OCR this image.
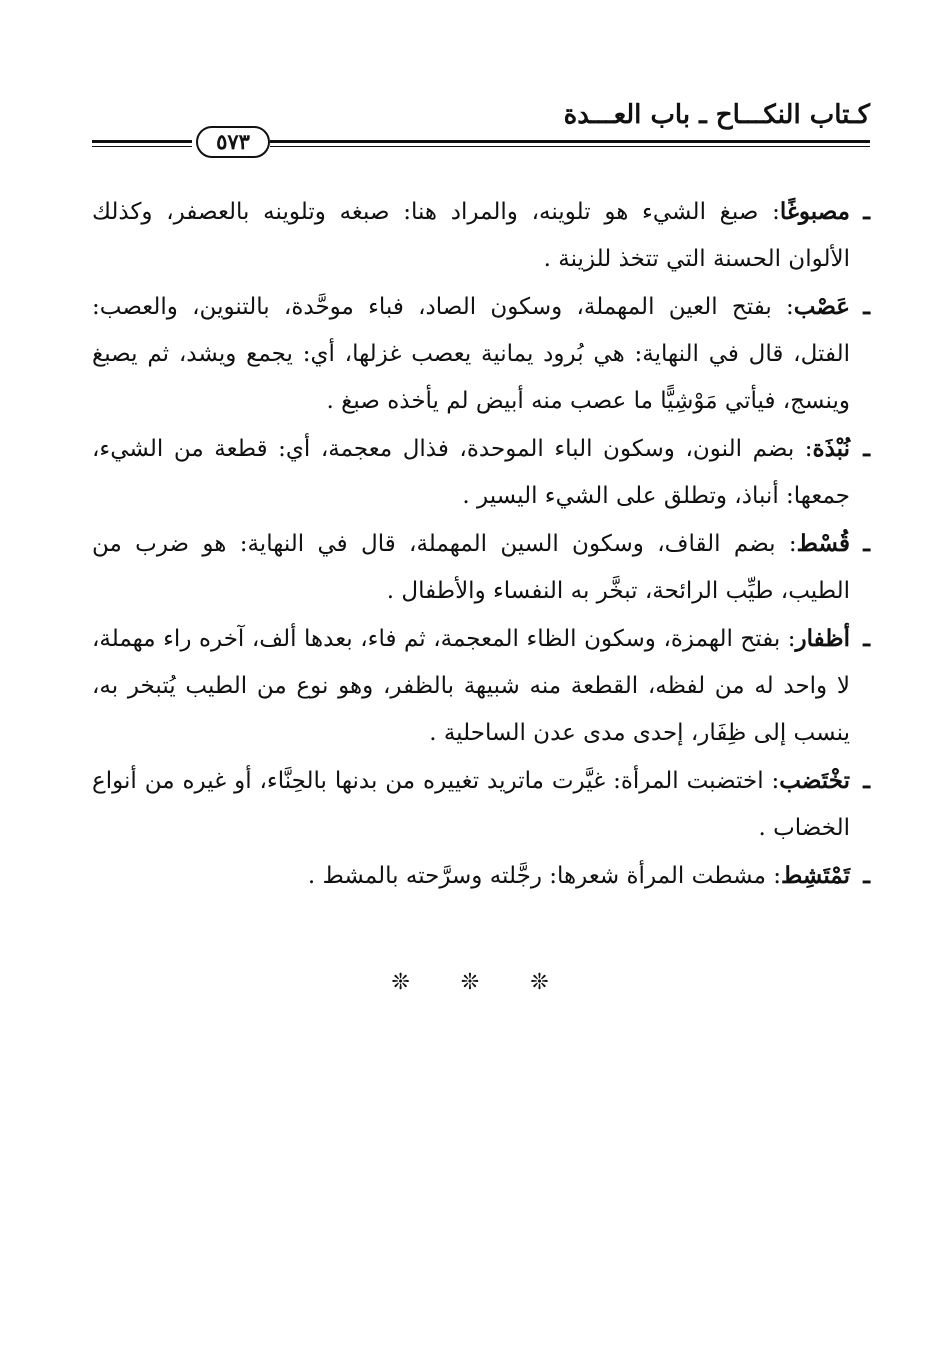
كـتاب النكـــاح ـ باب العـــدة
٥٧٣

ـمصبوغًا: صبغ الشيء هو تلوينه، والمراد هنا: صبغه وتلوينه بالعصفر، وكذلك الألوان الحسنة التي تتخذ للزينة .

ـعَصْب: بفتح العين المهملة، وسكون الصاد، فباء موحَّدة، بالتنوين، والعصب: الفتل، قال في النهاية: هي بُرود يمانية يعصب غزلها، أي: يجمع ويشد، ثم يصبغ وينسج، فيأتي مَوْشِيًّا ما عصب منه أبيض لم يأخذه صبغ .

ـنُبْذَة: بضم النون، وسكون الباء الموحدة، فذال معجمة، أي: قطعة من الشيء، جمعها: أنباذ، وتطلق على الشيء اليسير .

ـقُسْط: بضم القاف، وسكون السين المهملة، قال في النهاية: هو ضرب من الطيب، طيِّب الرائحة، تبخَّر به النفساء والأطفال .

ـأظفار: بفتح الهمزة، وسكون الظاء المعجمة، ثم فاء، بعدها ألف، آخره راء مهملة، لا واحد له من لفظه، القطعة منه شبيهة بالظفر، وهو نوع من الطيب يُتبخر به، ينسب إلى ظِفَار، إحدى مدى عدن الساحلية .

ـتخْتَضب: اختضبت المرأة: غيَّرت ماتريد تغييره من بدنها بالحِنَّاء، أو غيره من أنواع الخضاب .

ـتَمْتَشِط: مشطت المرأة شعرها: رجَّلته وسرَّحته بالمشط .

❊ ❊ ❊
